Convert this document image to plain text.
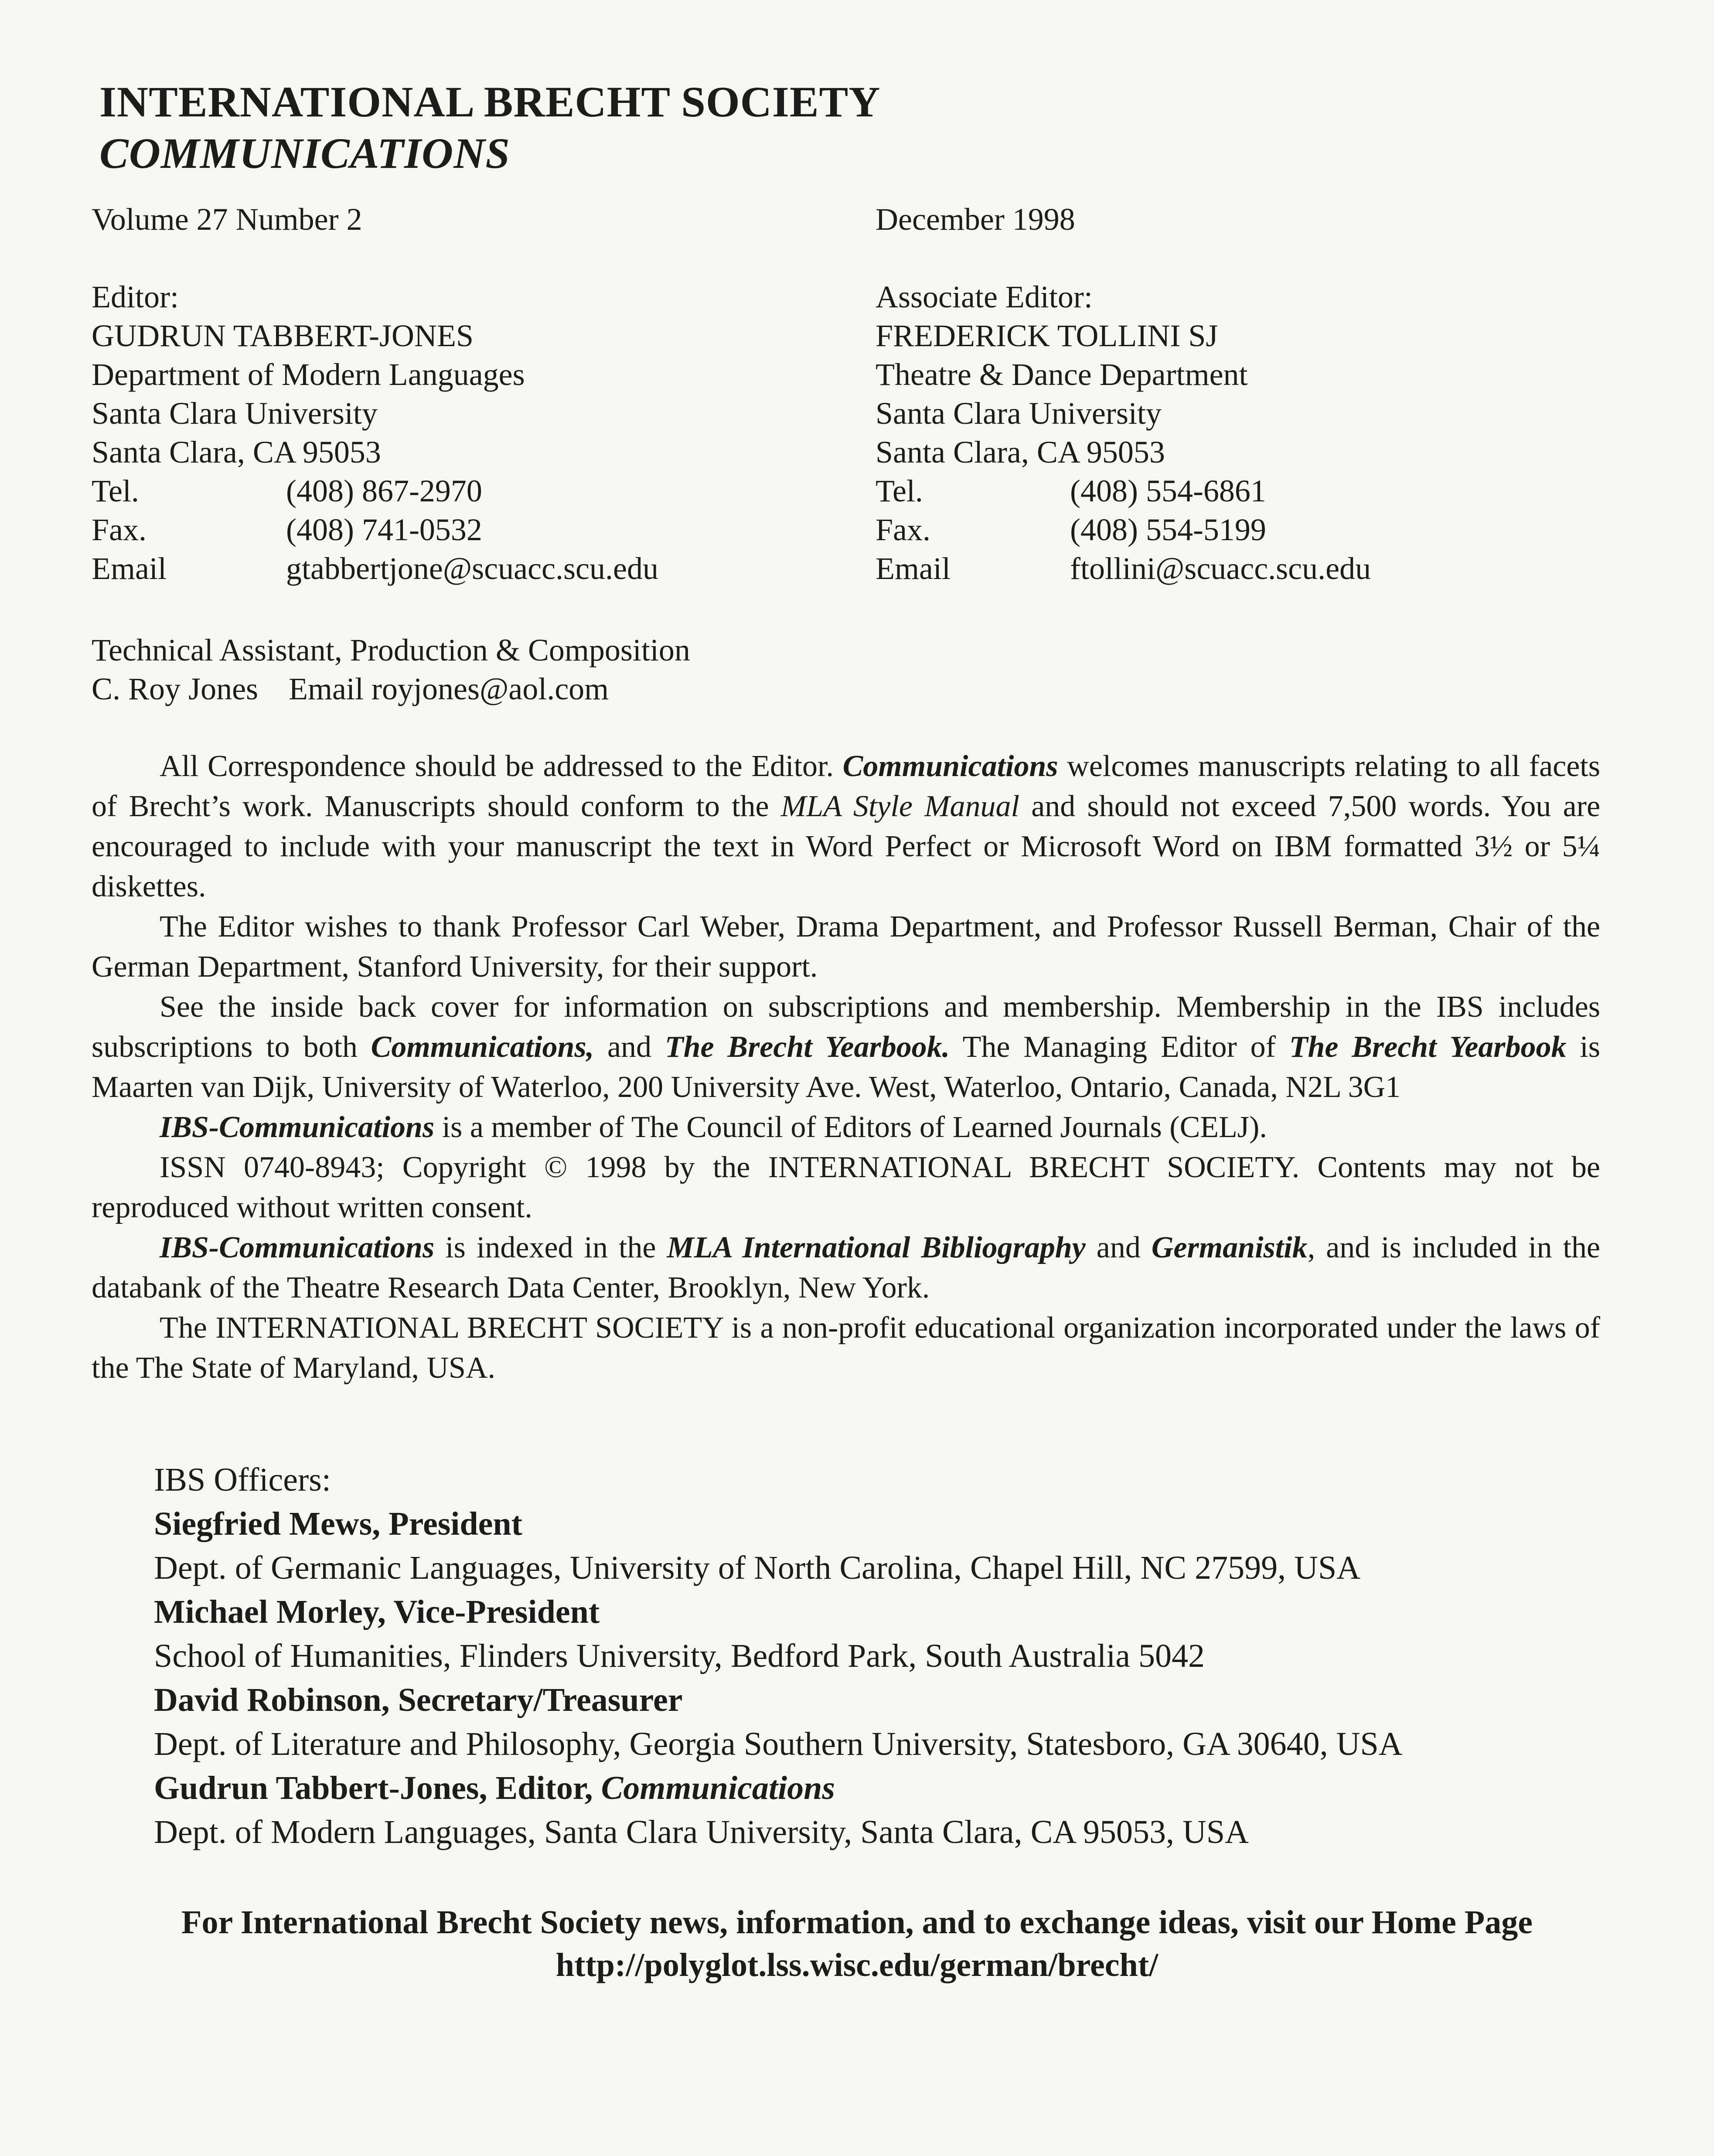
INTERNATIONAL BRECHT SOCIETY
COMMUNICATIONS
Volume 27 Number 2	December 1998
Editor:
GUDRUN TABBERT-JONES
Department of Modern Languages
Santa Clara University
Santa Clara, CA 95053
Tel.	(408) 867-2970
Fax.	(408) 741-0532
Email	gtabbertjone@scuacc.scu.edu
Associate Editor:
FREDERICK TOLLINI SJ
Theatre & Dance Department
Santa Clara University
Santa Clara, CA 95053
Tel.	(408) 554-6861
Fax.	(408) 554-5199
Email	ftollini@scuacc.scu.edu
Technical Assistant, Production & Composition
C. Roy Jones Email royjones@aol.com

All Correspondence should be addressed to the Editor. Communications welcomes manuscripts relating to all facets of Brecht’s work. Manuscripts should conform to the MLA Style Manual and should not exceed 7,500 words. You are encouraged to include with your manuscript the text in Word Perfect or Microsoft Word on IBM formatted 3½ or 5¼ diskettes.

The Editor wishes to thank Professor Carl Weber, Drama Department, and Professor Russell Berman, Chair of the German Department, Stanford University, for their support.

See the inside back cover for information on subscriptions and membership. Membership in the IBS includes subscriptions to both Communications, and The Brecht Yearbook. The Managing Editor of The Brecht Yearbook is Maarten van Dijk, University of Waterloo, 200 University Ave. West, Waterloo, Ontario, Canada, N2L 3G1

IBS-Communications is a member of The Council of Editors of Learned Journals (CELJ).

ISSN 0740-8943; Copyright © 1998 by the INTERNATIONAL BRECHT SOCIETY. Contents may not be reproduced without written consent.

IBS-Communications is indexed in the MLA International Bibliography and Germanistik, and is included in the databank of the Theatre Research Data Center, Brooklyn, New York.

The INTERNATIONAL BRECHT SOCIETY is a non-profit educational organization incorporated under the laws of the The State of Maryland, USA.

IBS Officers:
Siegfried Mews, President
Dept. of Germanic Languages, University of North Carolina, Chapel Hill, NC 27599, USA
Michael Morley, Vice-President
School of Humanities, Flinders University, Bedford Park, South Australia 5042
David Robinson, Secretary/Treasurer
Dept. of Literature and Philosophy, Georgia Southern University, Statesboro, GA 30640, USA
Gudrun Tabbert-Jones, Editor, Communications
Dept. of Modern Languages, Santa Clara University, Santa Clara, CA 95053, USA
For International Brecht Society news, information, and to exchange ideas, visit our Home Page
http://polyglot.lss.wisc.edu/german/brecht/
